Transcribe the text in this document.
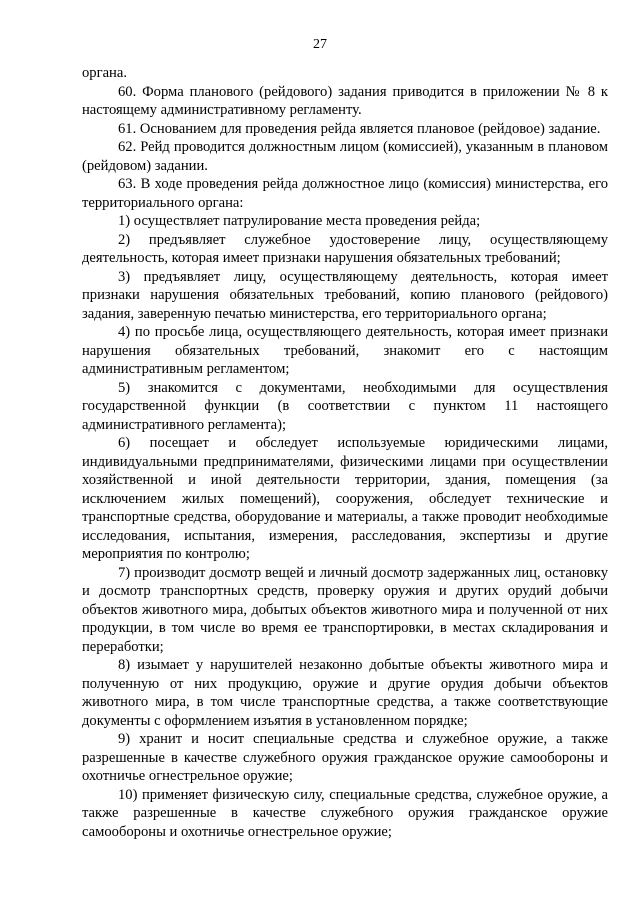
27

органа.

60. Форма планового (рейдового) задания приводится в приложении № 8 к настоящему административному регламенту.

61. Основанием для проведения рейда является плановое (рейдовое) задание.

62. Рейд проводится должностным лицом (комиссией), указанным в плановом (рейдовом) задании.

63. В ходе проведения рейда должностное лицо (комиссия) министерства, его территориального органа:

1) осуществляет патрулирование места проведения рейда;

2) предъявляет служебное удостоверение лицу, осуществляющему деятельность, которая имеет признаки нарушения обязательных требований;

3) предъявляет лицу, осуществляющему деятельность, которая имеет признаки нарушения обязательных требований, копию планового (рейдового) задания, заверенную печатью министерства, его территориального органа;

4) по просьбе лица, осуществляющего деятельность, которая имеет признаки нарушения обязательных требований, знакомит его с настоящим административным регламентом;

5) знакомится с документами, необходимыми для осуществления государственной функции (в соответствии с пунктом 11 настоящего административного регламента);

6) посещает и обследует используемые юридическими лицами, индивидуальными предпринимателями, физическими лицами при осуществлении хозяйственной и иной деятельности территории, здания, помещения (за исключением жилых помещений), сооружения, обследует технические и транспортные средства, оборудование и материалы, а также проводит необходимые исследования, испытания, измерения, расследования, экспертизы и другие мероприятия по контролю;

7) производит досмотр вещей и личный досмотр задержанных лиц, остановку и досмотр транспортных средств, проверку оружия и других орудий добычи объектов животного мира, добытых объектов животного мира и полученной от них продукции, в том числе во время ее транспортировки, в местах складирования и переработки;

8) изымает у нарушителей незаконно добытые объекты животного мира и полученную от них продукцию, оружие и другие орудия добычи объектов животного мира, в том числе транспортные средства, а также соответствующие документы с оформлением изъятия в установленном порядке;

9) хранит и носит специальные средства и служебное оружие, а также разрешенные в качестве служебного оружия гражданское оружие самообороны и охотничье огнестрельное оружие;

10) применяет физическую силу, специальные средства, служебное оружие, а также разрешенные в качестве служебного оружия гражданское оружие самообороны и охотничье огнестрельное оружие;
